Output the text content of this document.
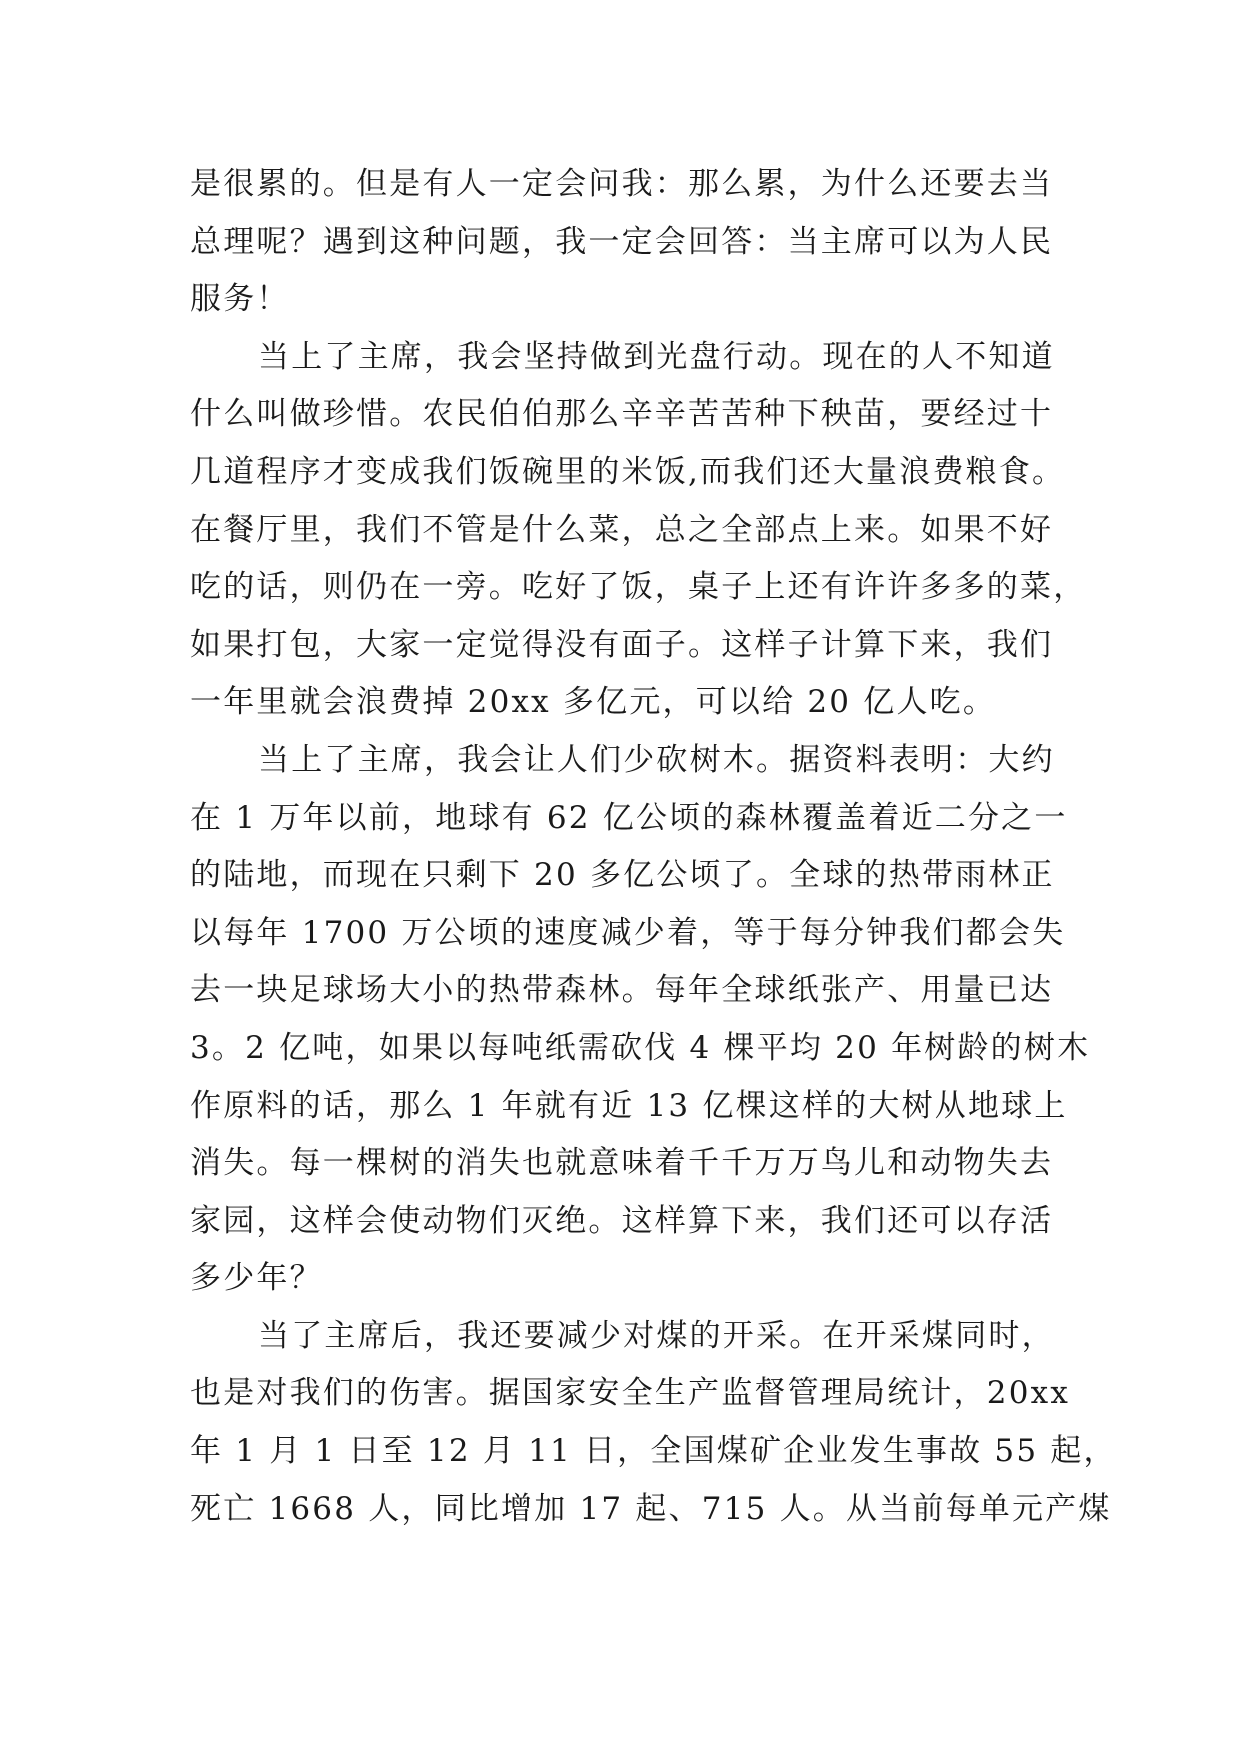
是很累的。但是有人一定会问我：那么累，为什么还要去当
总理呢？遇到这种问题，我一定会回答：当主席可以为人民
服务！
当上了主席，我会坚持做到光盘行动。现在的人不知道
什么叫做珍惜。农民伯伯那么辛辛苦苦种下秧苗，要经过十
几道程序才变成我们饭碗里的米饭,而我们还大量浪费粮食。
在餐厅里，我们不管是什么菜，总之全部点上来。如果不好
吃的话，则仍在一旁。吃好了饭，桌子上还有许许多多的菜，
如果打包，大家一定觉得没有面子。这样子计算下来，我们
一年里就会浪费掉 20xx 多亿元，可以给 20 亿人吃。
当上了主席，我会让人们少砍树木。据资料表明：大约
在 1 万年以前，地球有 62 亿公顷的森林覆盖着近二分之一
的陆地，而现在只剩下 20 多亿公顷了。全球的热带雨林正
以每年 1700 万公顷的速度减少着，等于每分钟我们都会失
去一块足球场大小的热带森林。每年全球纸张产、用量已达
3。2 亿吨，如果以每吨纸需砍伐 4 棵平均 20 年树龄的树木
作原料的话，那么 1 年就有近 13 亿棵这样的大树从地球上
消失。每一棵树的消失也就意味着千千万万鸟儿和动物失去
家园，这样会使动物们灭绝。这样算下来，我们还可以存活
多少年？
当了主席后，我还要减少对煤的开采。在开采煤同时，
也是对我们的伤害。据国家安全生产监督管理局统计，20xx
年 1 月 1 日至 12 月 11 日，全国煤矿企业发生事故 55 起，
死亡 1668 人，同比增加 17 起、715 人。从当前每单元产煤
